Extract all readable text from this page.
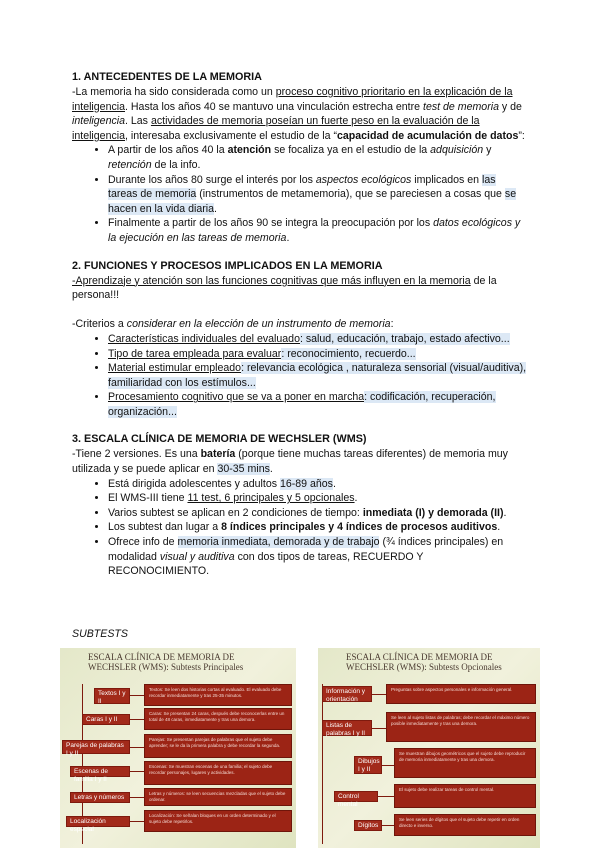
1. ANTECEDENTES DE LA MEMORIA

-La memoria ha sido considerada como un proceso cognitivo prioritario en la explicación de la inteligencia. Hasta los años 40 se mantuvo una vinculación estrecha entre test de memoria y de inteligencia. Las actividades de memoria poseían un fuerte peso en la evaluación de la inteligencia, interesaba exclusivamente el estudio de la “capacidad de acumulación de datos”:

• A partir de los años 40 la atención se focaliza ya en el estudio de la adquisición y retención de la info.
• Durante los años 80 surge el interés por los aspectos ecológicos implicados en las tareas de memoria (instrumentos de metamemoria), que se pareciesen a cosas que se hacen en la vida diaria.
• Finalmente a partir de los años 90 se integra la preocupación por los datos ecológicos y la ejecución en las tareas de memoria.
2. FUNCIONES Y PROCESOS IMPLICADOS EN LA MEMORIA

-Aprendizaje y atención son las funciones cognitivas que más influyen en la memoria de la persona!!!

-Criterios a considerar en la elección de un instrumento de memoria:

• Características individuales del evaluado: salud, educación, trabajo, estado afectivo...
• Tipo de tarea empleada para evaluar: reconocimiento, recuerdo...
• Material estimular empleado: relevancia ecológica , naturaleza sensorial (visual/auditiva), familiaridad con los estímulos...
• Procesamiento cognitivo que se va a poner en marcha: codificación, recuperación, organización...
3. ESCALA CLÍNICA DE MEMORIA DE WECHSLER (WMS)

-Tiene 2 versiones. Es una batería (porque tiene muchas tareas diferentes) de memoria muy utilizada y se puede aplicar en 30-35 mins.

• Está dirigida adolescentes y adultos 16-89 años.
• El WMS-III tiene 11 test, 6 principales y 5 opcionales.
• Varios subtest se aplican en 2 condiciones de tiempo: inmediata (I) y demorada (II).
• Los subtest dan lugar a 8 índices principales y 4 índices de procesos auditivos.
• Ofrece info de memoria inmediata, demorada y de trabajo (¾ índices principales) en modalidad visual y auditiva con dos tipos de tareas, RECUERDO Y RECONOCIMIENTO.
SUBTESTS
ESCALA CLÍNICA DE MEMORIA DE WECHSLER (WMS): Subtests Principales
Textos I y II
Textos: Se leen dos historias cortas al evaluado. El evaluado debe recordar inmediatamente y tras 25-35 minutos.
Caras I y II
Caras: Se presentan 24 caras, después debe reconocerlas entre un total de 48 caras, inmediatamente y tras una demora.
Parejas de palabras I y II
Parejas: Se presentan parejas de palabras que el sujeto debe aprender; se le da la primera palabra y debe recordar la segunda.
Escenas de familia I y II
Escenas: Se muestran escenas de una familia; el sujeto debe recordar personajes, lugares y actividades.
Letras y números
Letras y números: se leen secuencias mezcladas que el sujeto debe ordenar.
Localización espacial
Localización: Se señalan bloques en un orden determinado y el sujeto debe repetirlos.
ESCALA CLÍNICA DE MEMORIA DE WECHSLER (WMS): Subtests Opcionales
Información y orientación
Preguntas sobre aspectos personales e información general.
Listas de palabras I y II
Se leen al sujeto listas de palabras; debe recordar el máximo número posible inmediatamente y tras una demora.
Dibujos I y II
Se muestran dibujos geométricos que el sujeto debe reproducir de memoria inmediatamente y tras una demora.
Control mental
El sujeto debe realizar tareas de control mental.
Dígitos
Se leen series de dígitos que el sujeto debe repetir en orden directo e inverso.
